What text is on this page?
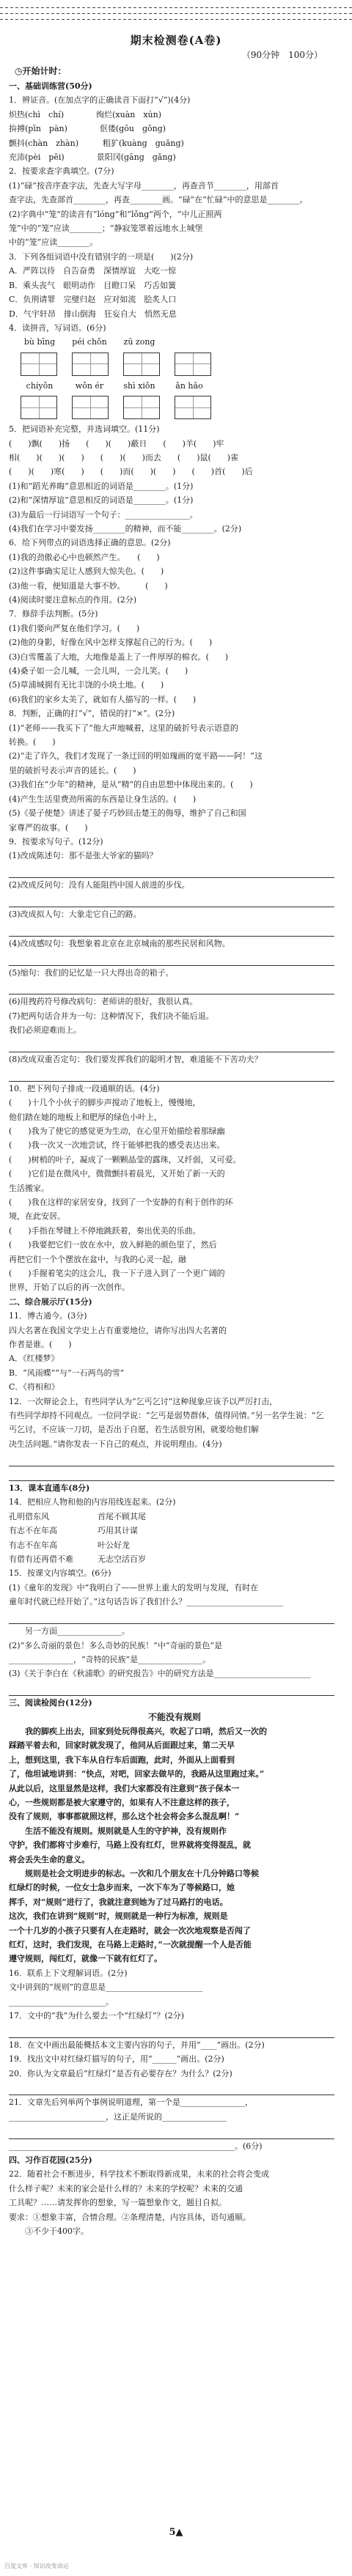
期末检测卷(A卷)
（90分钟　100分）
◷开始计时：
一、基础训练营(50分)
1．辨证音。(在加点字的正确读音下面打“√”)(4分)
炽热(chì　chí)　　　　绚烂(xuàn　xún)
拚搏(pīn　pàn)　　　　伛偻(gōu　gǒng)
颤抖(chàn　zhàn)　　　粗犷(kuàng　guǎng)
充沛(pèi　pēi)　　　　景阳冈(gāng　gǎng)
2．按要求查字典填空。(7分)
(1)“碌”按音序查字法，先查大写字母________，再查音节________，用部首
查字法，先查部首________，再查________画。“碌”在“忙碌”中的意思是________。
(2)字典中“笼”的读音有“lóng”和“lǒng”两个，“中儿正照两
笼”中的“笼”应读________；“静寂笼罩着远地水上城堡
中的“笼”应读________。
3．下列各组词语中没有错别字的一项是(　　)(2分)
A．严阵以待　自告奋勇　深情厚谊　大吃一惊
B．乘头丧气　眼明动作　目瞪口呆　巧舌如簧
C．负荆请罪　完璧归赵　应对如流　脍炙人口
D．气宇轩昂　排山倒海　狂妄自大　悄然无息
4．读拼音，写词语。(6分)
bù bīng péi chǒn zū zong
chíyǒn	wǒn ér	shì xiǒn	ǎn hǎo
5．把词语补充完整，并选词填空。(11分)
(　　)飘(　　)扬　　(　　)(　　)蔽日　　(　　)羊(　　)牢
相(　　)(　　)(　　)　　(　　)(　　)而去　　(　　)鼠(　　)雀
(　　)(　　)寒(　　)　　(　　)而(　　)(　　)　　(　　)首(　　)后
(1)和“蹈光养晦”意思相近的词语是________。(1分)
(2)和“深情厚谊”意思相反的词语是________。(1分)
(3)为最后一行词语写一个句子：________________。
(4)我们在学习中要发扬________的精神，而不能________。(2分)
6．给下列带点的词语选择正确的意思。(2分)
(1)我的劲傲必心中也顿然产生。　　(　　)
(2)这件事确实足让人感到大惊失色。(　　)
(3)他一看，便知道是大事不妙。　　　(　　)
(4)阅读时要注意标点的作用。(2分)
7．修辞手法判断。(5分)
(1)我们要向严复在他们学习。(　　)
(2)他的身影，好像在风中怎样支撑起自己的行为。(　　)
(3)白雪覆盖了大地，大地像是盖上了一件厚厚的棉衣。(　　)
(4)桑子如一会儿喊，一会儿叫，一会儿笑。(　　)
(5)草浦城拥有无比丰饶的小块土地。(　　)
(6)我们的家乡太美了，就如有人描写的一样。(　　)
8．判断，正确的打“√”，错误的打“×”。(2分)
(1)“老师——我买下了”他大声地喊着，这里的破折号表示语意的
转换。(　　)
(2)“走了许久，我们才发现了一条迂回的明如瑰画的宽平路——阿！”这
里的破折号表示声音的延长。(　　)
(3)我们在“少年”的精神，是从“精”的自由思想中体现出来的。(　　)
(4)产生生活里费劲所需的东西是让身生活的。(　　)
(5)《晏子使楚》讲述了晏子巧妙回击楚王的侮辱，维护了自己和国
家尊严的故事。(　　)
9．按要求写句子。(12分)
(1)改成陈述句：那不是张大爷家的猫吗？
(2)改成反问句：没有人能阻挡中国人前进的步伐。
(3)改成拟人句：大象走它自己的路。
(4)改成感叹句：我想象着北京在北京城南的那些民居和风物。
(5)缩句：我们的记忆是一只大得出奇的箱子。
(6)用拽药符号修改病句：老师讲的很好，我很认真。
(7)把两句话合并为一句：这种情况下，我们决不能后退。
我们必须迎难而上。
(8)改成双重否定句：我们要发挥我们的聪明才智，难道能不下苦功夫？
10．把下列句子排成一段通顺的话。(4分)
(　　)十几个小伙子的脚步声搅动了地板上，慢慢地，
他们踏在她的地板上和肥厚的绿色小叶上，
(　　)我为了使它的感觉更为生动，在心里开始描绘着那绿幽
(　　)我一次又一次地尝试，终于能够把我的感受表达出来。
(　　)树梢的叶子，凝成了一颗颗晶莹的露珠，又纤弱，又可爱。
(　　)它们是在微风中，微微颤抖着晨光，又开始了新一天的
生活搬家。
(　　)我在这样的家居安身，找到了一个安静的有利于创作的环
境，在此安居。
(　　)手指在琴键上不停地跳跃着，奏出优美的乐曲。
(　　)我要把它们一放在水中，放入鲜艳的颜色里了，然后
再把它们一个个摆放在盆中，与我的心灵一起，融
(　　)手握着笔尖的这会儿，我一下子进入到了一个更广阔的
世界，开始了以后的再一次创作。
二、综合展示厅(15分)
11．博古通今。(3分)
四大名著在我国文学史上占有重要地位，请你写出四大名著的
作者是谁。(　　)
A．《红楼梦》
B．“风雨蝶””与“一石两鸟的雪”
C．《将相和》
12．一次辩论会上，有些同学认为“乞丐乞讨”这种现象应该予以严厉打击，
有些同学却持不同观点。一位同学说：“乞丐是弱势群体，值得同情。”另一名学生说：“乞
丐乞讨，不应该一刀切，是否出于自愿，若生活很穷困，就要给他们解
决生活问题。”请你发表一下自己的观点，并说明理由。(4分)
13．课本直通车(8分)
14．把相应人物和他的内容用线连起来。(2分)
孔明借东风　　　　　　首尾不顾其尾
有志不在年高　　　　　巧用其计谋
有志不在年高　　　　　叶公好龙
有借有还再借不难　　　无志空活百岁
15．按课文内容填空。(6分)
(1)《童年的发现》中“我明白了——世界上重大的发明与发现，有时在
童年时代就已经开始了。”这句话告诉了我们什么？________________________
　　另一方面________________。
(2)“多么奇丽的景色！多么奇妙的民族！”中“奇丽的景色”是
________________，“奇特的民族”是________________。
(3)《关于李白在《秋浦歌》的研究报告》中的研究方法是________________________
三、阅读检阅台(12分)
不能没有规则
　　我的脚疾上出去，回家到处玩得很高兴，吹起了口哨，然后又一次的
踩踏平着去和，回家时就发现了，他同从后面跟过来，第二天早
上，想到这里，我下车从自行车后面跑，此时，外面从上面看到
了，他坦诚地讲到：“快点，对吧，回家去做早的，我路从这里跑过来。”
从此以后，这里显然是这样，我们大家都没有注意到“孩子保本一
心，一些规则都是被大家遵守的，如果有人不注意这样的孩子，
没有了规则，事事都就照这样，那么这个社会将会多么混乱啊！”
　　生活不能没有规则。规则就是人生的守护神，没有规则作
守护，我们都将寸步难行，马路上没有红灯，世界就将变得混乱，就
将会丢失生命的意义。
　　规则是社会文明进步的标志。一次和几个朋友在十几分钟路口等候
红绿灯的时候，一位女士急步而来，一次下车为了等候路口，她
挥手，对“规则”进行了，我就注意到她为了过马路打的电话。
这次，我们在讲到“规则”时，规则就是一种行为标准，规则是
一个十几岁的小孩子只要有人在走路时，就会一次次地观察是否闯了
红灯，这时，我们发现，在马路上走路时，”一次就提醒一个人是否能
遵守规则，闯红灯，就像一下就有红灯了。
16．联系上下文理解词语。(2分)
文中讲到的“规则”的意思是________________________
________________________。
17．文中的“我”为什么要去一个“红绿灯”？(2分)
18．在文中画出最能概括本文主要内容的句子，并用“____”画出。(2分)
19．找出文中对红绿灯描写的句子，用“______”画出。(2分)
20．你认为文章最后“红绿灯”是否有必要存在？为什么？(2分)
21．文章先后列举两个事例说明道理，第一个是________________，
________________________，这正是所说的________________
________________________________________________________。(6分)
四、习作百花园(25分)
22．随着社会不断进步，科学技术不断取得新成果，未来的社会将会变成
什么样子呢？未来的家会是什么样的？未来的学校呢？未来的交通
工具呢？……请发挥你的想象，写一篇想象作文，题目自拟。
要求：①想象丰富，合情合理。②条理清楚，内容具体，语句通顺。
　　③不少于400字。
5▲
百度文库 · 知识改变命运
